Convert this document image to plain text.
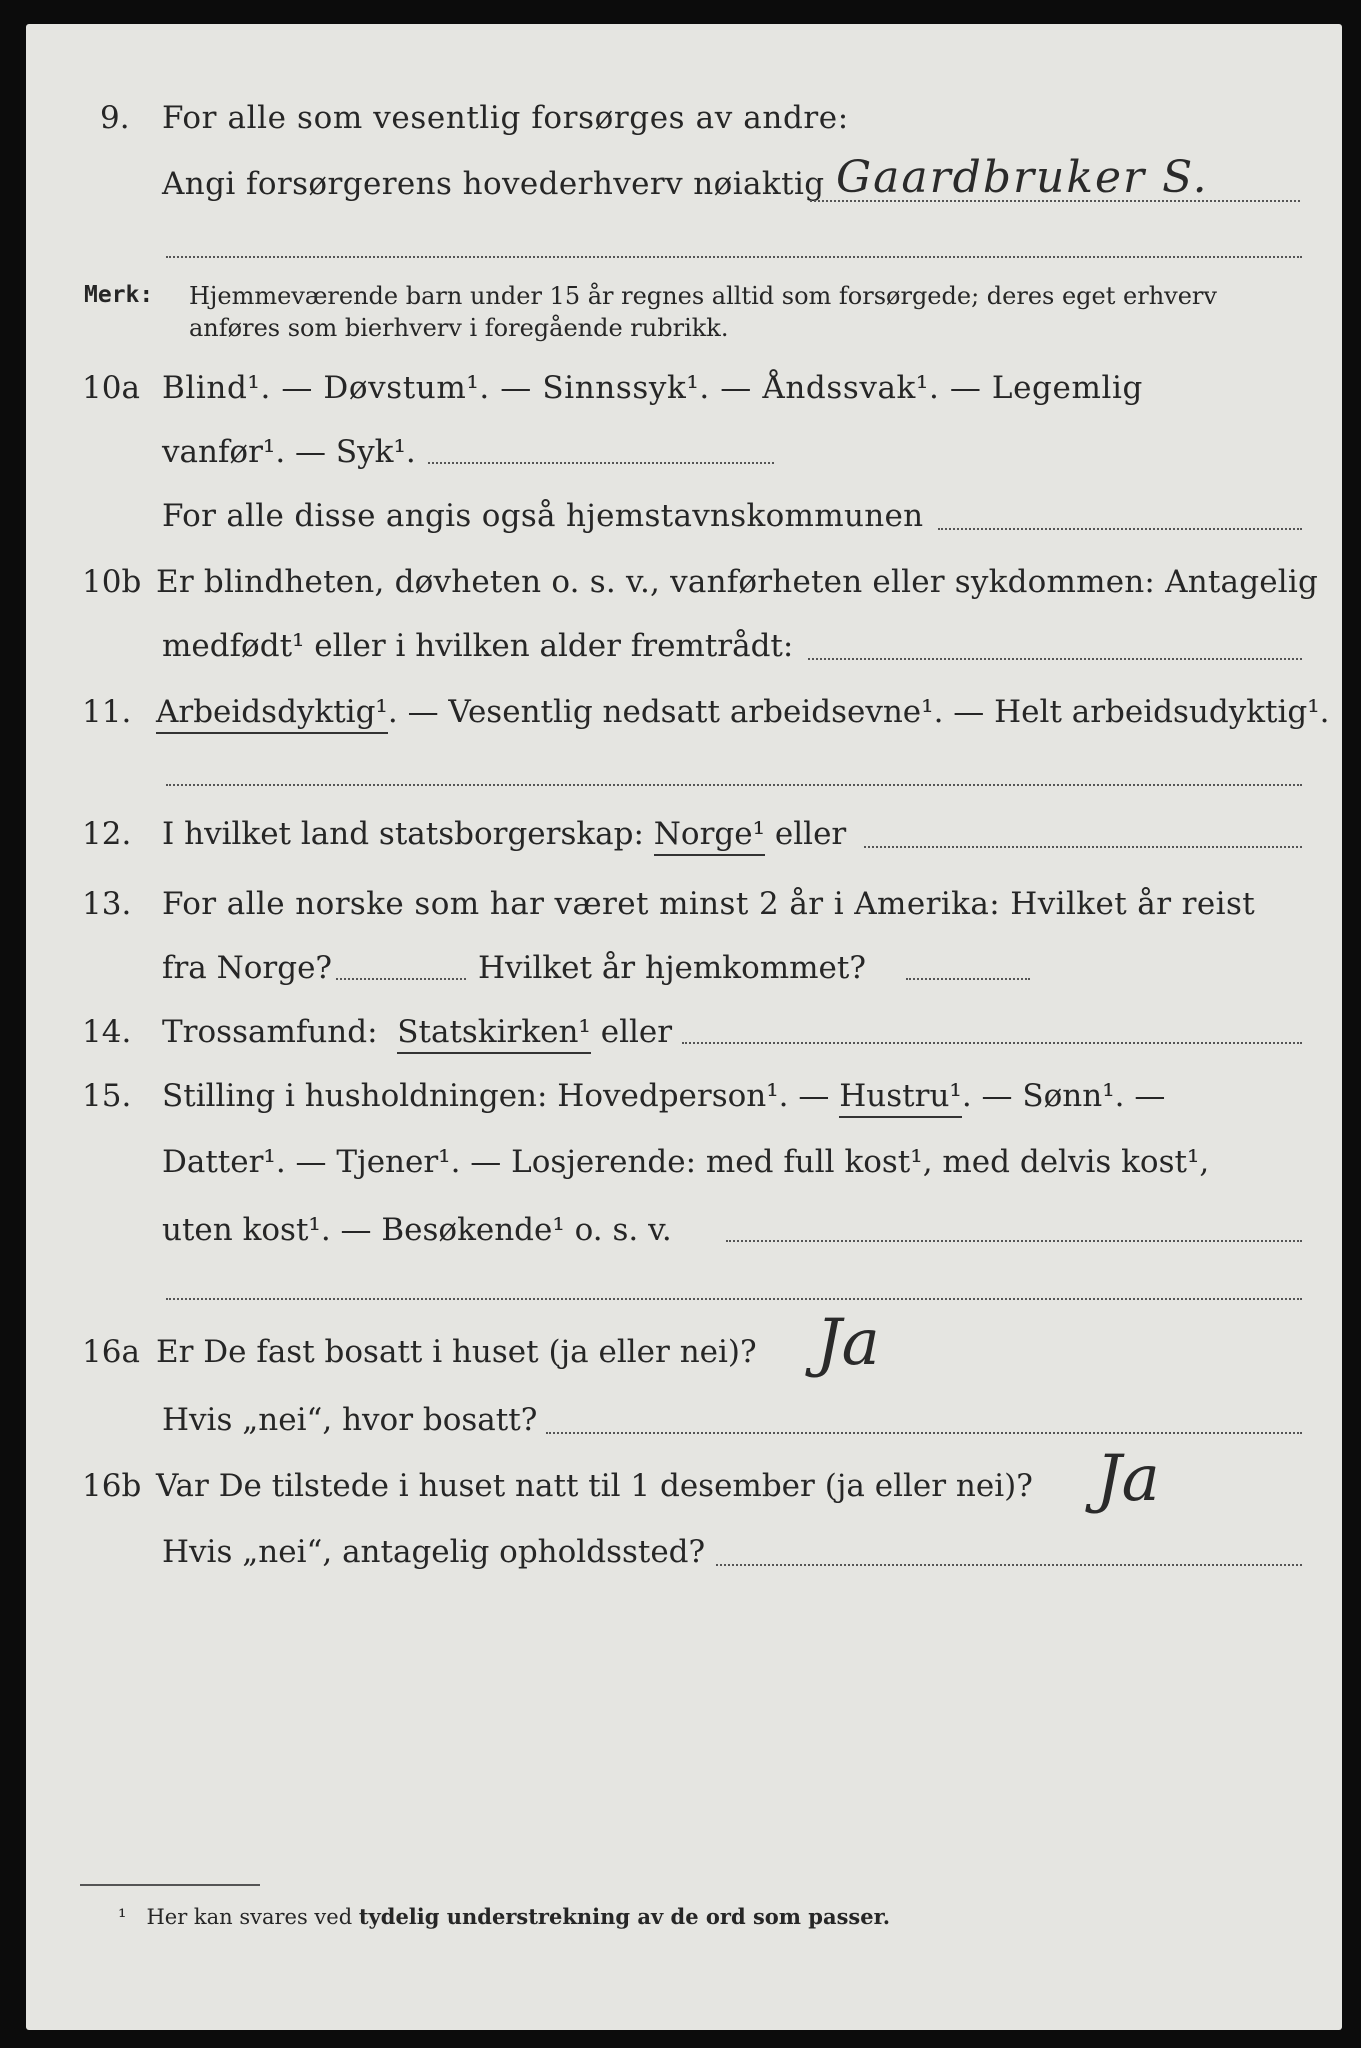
9. For alle som vesentlig forsørges av andre:
Angi forsørgerens hovederhverv nøiaktig Gaardbruker S.
Merk: Hjemmeværende barn under 15 år regnes alltid som forsørgede; deres eget erhverv
anføres som bierhverv i foregående rubrikk.
10a Blind¹. — Døvstum¹. — Sinnssyk¹. — Åndssvak¹. — Legemlig
vanfør¹. — Syk¹.
For alle disse angis også hjemstavnskommunen
10b Er blindheten, døvheten o. s. v., vanførheten eller sykdommen: Antagelig
medfødt¹ eller i hvilken alder fremtrådt:
11. Arbeidsdyktig¹. — Vesentlig nedsatt arbeidsevne¹. — Helt arbeidsudyktig¹.
12. I hvilket land statsborgerskap: Norge¹ eller
13. For alle norske som har været minst 2 år i Amerika: Hvilket år reist
fra Norge?	Hvilket år hjemkommet?
14. Trossamfund: Statskirken¹ eller
15. Stilling i husholdningen: Hovedperson¹. — Hustru¹. — Sønn¹. —
Datter¹. — Tjener¹. — Losjerende: med full kost¹, med delvis kost¹,
uten kost¹. — Besøkende¹ o. s. v.
16a Er De fast bosatt i huset (ja eller nei)? Ja
Hvis „nei“, hvor bosatt?
16b Var De tilstede i huset natt til 1 desember (ja eller nei)? Ja
Hvis „nei“, antagelig opholdssted?
¹ Her kan svares ved tydelig understrekning av de ord som passer.
